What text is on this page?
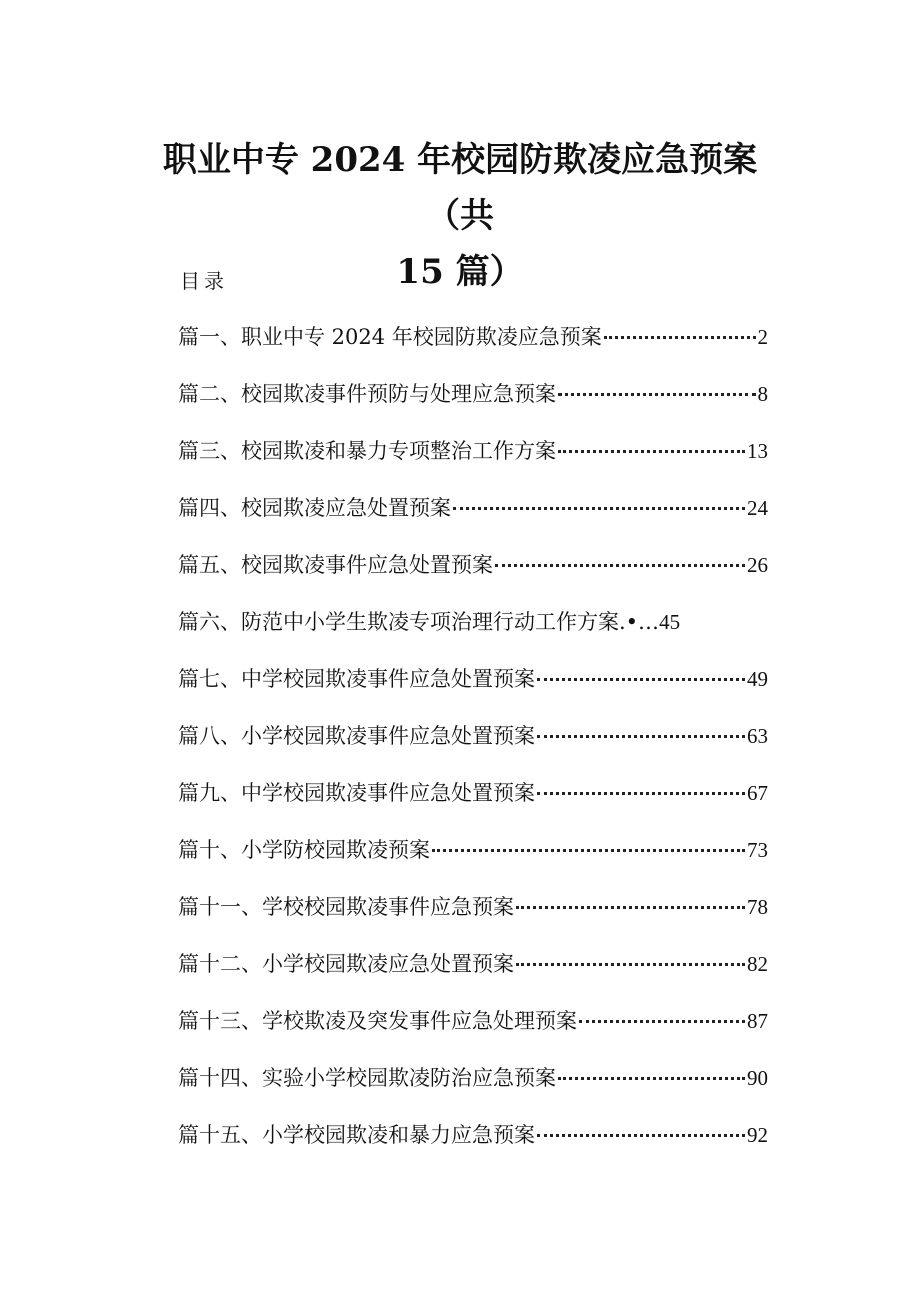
职业中专 2024 年校园防欺凌应急预案（共
15 篇）
目录
篇一、职业中专 2024 年校园防欺凌应急预案	2
篇二、校园欺凌事件预防与处理应急预案	8
篇三、校园欺凌和暴力专项整治工作方案	13
篇四、校园欺凌应急处置预案	24
篇五、校园欺凌事件应急处置预案	26
篇六、防范中小学生欺凌专项治理行动工作方案.•… 45
篇七、中学校园欺凌事件应急处置预案	49
篇八、小学校园欺凌事件应急处置预案	63
篇九、中学校园欺凌事件应急处置预案	67
篇十、小学防校园欺凌预案	73
篇十一、学校校园欺凌事件应急预案	78
篇十二、小学校园欺凌应急处置预案	82
篇十三、学校欺凌及突发事件应急处理预案	87
篇十四、实验小学校园欺凌防治应急预案	90
篇十五、小学校园欺凌和暴力应急预案	92
